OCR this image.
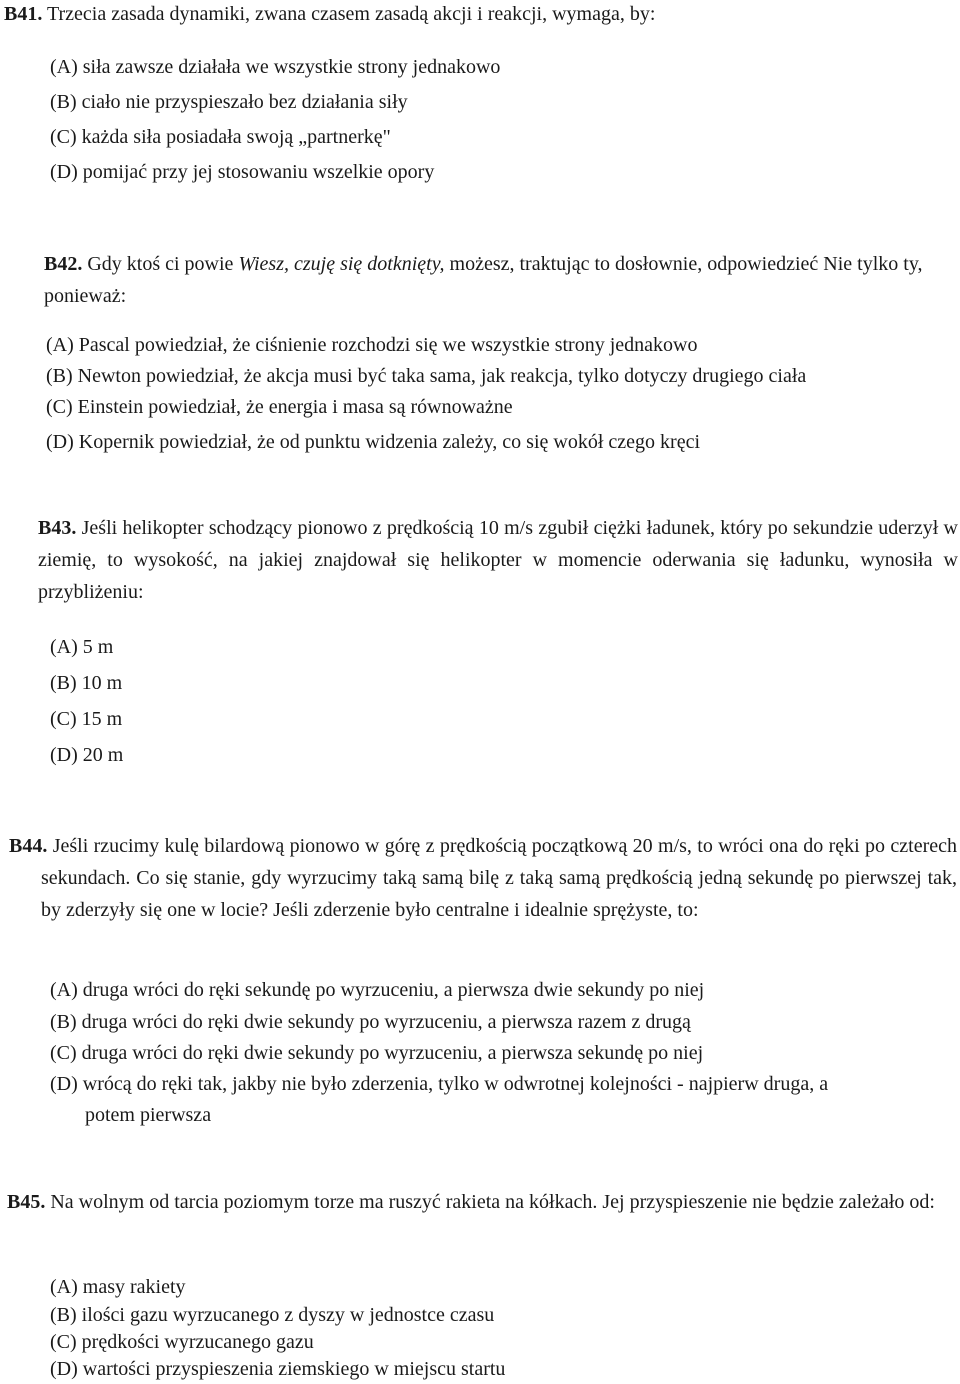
B41. Trzecia zasada dynamiki, zwana czasem zasadą akcji i reakcji, wymaga, by:

(A) siła zawsze działała we wszystkie strony jednakowo

(B) ciało nie przyspieszało bez działania siły

(C) każda siła posiadała swoją „partnerkę"

(D) pomijać przy jej stosowaniu wszelkie opory

B42. Gdy ktoś ci powie Wiesz, czuję się dotknięty, możesz, traktując to dosłownie, odpowiedzieć Nie tylko ty, ponieważ:

(A) Pascal powiedział, że ciśnienie rozchodzi się we wszystkie strony jednakowo

(B) Newton powiedział, że akcja musi być taka sama, jak reakcja, tylko dotyczy drugiego ciała

(C) Einstein powiedział, że energia i masa są równoważne

(D) Kopernik powiedział, że od punktu widzenia zależy, co się wokół czego kręci

B43. Jeśli helikopter schodzący pionowo z prędkością 10 m/s zgubił ciężki ładunek, który po sekundzie uderzył w ziemię, to wysokość, na jakiej znajdował się helikopter w momencie oderwania się ładunku, wynosiła w przybliżeniu:

(A) 5 m

(B) 10 m

(C) 15 m

(D) 20 m

B44. Jeśli rzucimy kulę bilardową pionowo w górę z prędkością początkową 20 m/s, to wróci ona do ręki po czterech sekundach. Co się stanie, gdy wyrzucimy taką samą bilę z taką samą prędkością jedną sekundę po pierwszej tak, by zderzyły się one w locie? Jeśli zderzenie było centralne i idealnie sprężyste, to:

(A) druga wróci do ręki sekundę po wyrzuceniu, a pierwsza dwie sekundy po niej

(B) druga wróci do ręki dwie sekundy po wyrzuceniu, a pierwsza razem z drugą

(C) druga wróci do ręki dwie sekundy po wyrzuceniu, a pierwsza sekundę po niej

(D) wrócą do ręki tak, jakby nie było zderzenia, tylko w odwrotnej kolejności - najpierw druga, a
potem pierwsza

B45. Na wolnym od tarcia poziomym torze ma ruszyć rakieta na kółkach. Jej przyspieszenie nie będzie zależało od:

(A) masy rakiety

(B) ilości gazu wyrzucanego z dyszy w jednostce czasu

(C) prędkości wyrzucanego gazu

(D) wartości przyspieszenia ziemskiego w miejscu startu
